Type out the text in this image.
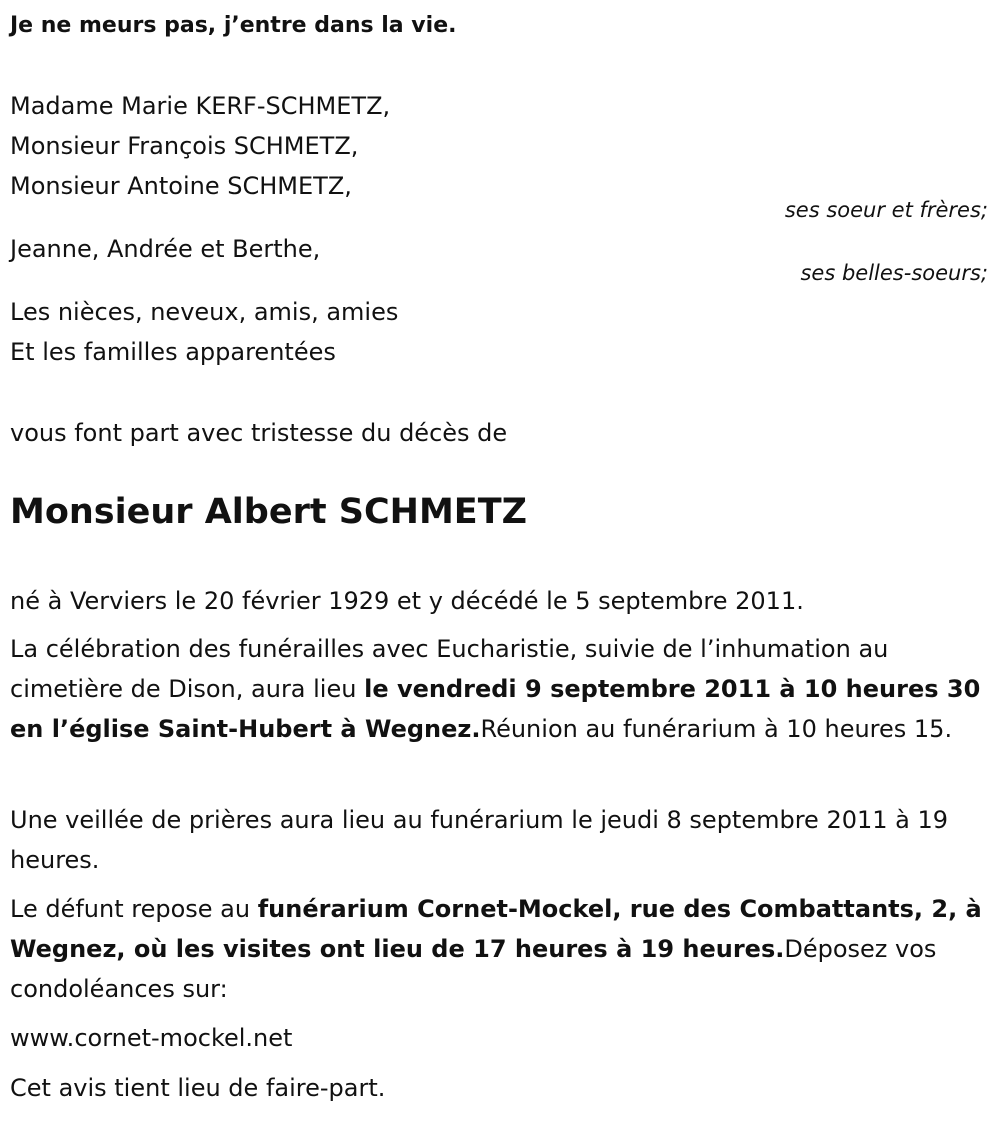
Je ne meurs pas, j’entre dans la vie.

Madame Marie KERF-SCHMETZ,

Monsieur François SCHMETZ,

Monsieur Antoine SCHMETZ,

ses soeur et frères;

Jeanne, Andrée et Berthe,

ses belles-soeurs;

Les nièces, neveux, amis, amies

Et les familles apparentées

vous font part avec tristesse du décès de

Monsieur Albert SCHMETZ

né à Verviers le 20 février 1929 et y décédé le 5 septembre 2011.

La célébration des funérailles avec Eucharistie, suivie de l’inhumation au cimetière de Dison, aura lieu le vendredi 9 septembre 2011 à 10 heures 30 en l’église Saint-Hubert à Wegnez.Réunion au funérarium à 10 heures 15.

Une veillée de prières aura lieu au funérarium le jeudi 8 septembre 2011 à 19 heures.

Le défunt repose au funérarium Cornet-Mockel, rue des Combattants, 2, à Wegnez, où les visites ont lieu de 17 heures à 19 heures.Déposez vos condoléances sur:

www.cornet-mockel.net

Cet avis tient lieu de faire-part.
